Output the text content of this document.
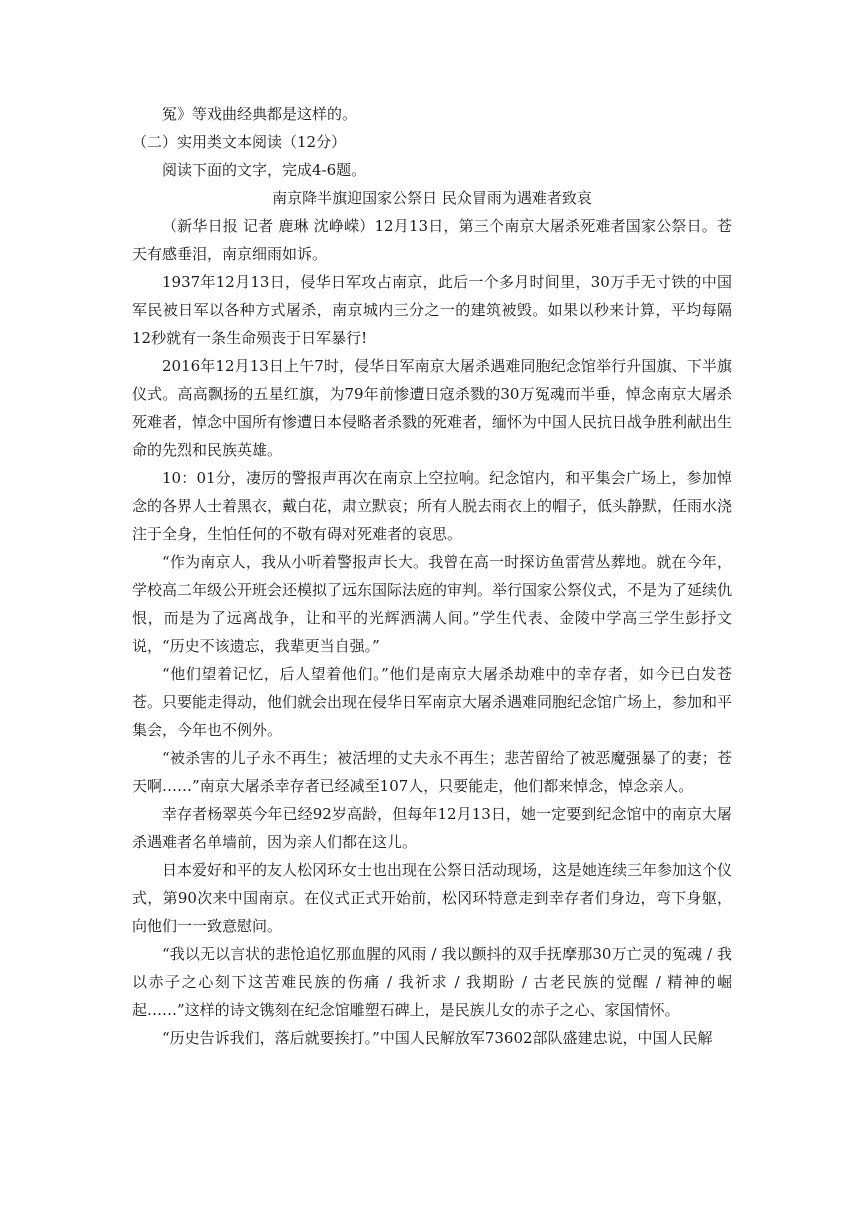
冤》等戏曲经典都是这样的。

（二）实用类文本阅读（12分）

阅读下面的文字，完成4-6题。

南京降半旗迎国家公祭日 民众冒雨为遇难者致哀

（新华日报 记者 鹿琳 沈峥嵘）12月13日，第三个南京大屠杀死难者国家公祭日。苍天有感垂泪，南京细雨如诉。

1937年12月13日，侵华日军攻占南京，此后一个多月时间里，30万手无寸铁的中国军民被日军以各种方式屠杀，南京城内三分之一的建筑被毁。如果以秒来计算，平均每隔12秒就有一条生命殒丧于日军暴行!

2016年12月13日上午7时，侵华日军南京大屠杀遇难同胞纪念馆举行升国旗、下半旗仪式。高高飘扬的五星红旗，为79年前惨遭日寇杀戮的30万冤魂而半垂，悼念南京大屠杀死难者，悼念中国所有惨遭日本侵略者杀戮的死难者，缅怀为中国人民抗日战争胜利献出生命的先烈和民族英雄。

10：01分，凄厉的警报声再次在南京上空拉响。纪念馆内，和平集会广场上，参加悼念的各界人士着黑衣，戴白花，肃立默哀；所有人脱去雨衣上的帽子，低头静默，任雨水浇注于全身，生怕任何的不敬有碍对死难者的哀思。

“作为南京人，我从小听着警报声长大。我曾在高一时探访鱼雷营丛葬地。就在今年，学校高二年级公开班会还模拟了远东国际法庭的审判。举行国家公祭仪式，不是为了延续仇恨，而是为了远离战争，让和平的光辉洒满人间。”学生代表、金陵中学高三学生彭抒文说，“历史不该遗忘，我辈更当自强。”

“他们望着记忆，后人望着他们。”他们是南京大屠杀劫难中的幸存者，如今已白发苍苍。只要能走得动，他们就会出现在侵华日军南京大屠杀遇难同胞纪念馆广场上，参加和平集会，今年也不例外。

“被杀害的儿子永不再生；被活埋的丈夫永不再生；悲苦留给了被恶魔强暴了的妻；苍天啊……”南京大屠杀幸存者已经减至107人，只要能走，他们都来悼念，悼念亲人。

幸存者杨翠英今年已经92岁高龄，但每年12月13日，她一定要到纪念馆中的南京大屠杀遇难者名单墙前，因为亲人们都在这儿。

日本爱好和平的友人松冈环女士也出现在公祭日活动现场，这是她连续三年参加这个仪式，第90次来中国南京。在仪式正式开始前，松冈环特意走到幸存者们身边，弯下身躯，向他们一一致意慰问。

“我以无以言状的悲怆追忆那血腥的风雨 / 我以颤抖的双手抚摩那30万亡灵的冤魂 / 我以赤子之心刻下这苦难民族的伤痛 / 我祈求 / 我期盼 / 古老民族的觉醒 / 精神的崛起……”这样的诗文镌刻在纪念馆雕塑石碑上，是民族儿女的赤子之心、家国情怀。

“历史告诉我们，落后就要挨打。”中国人民解放军73602部队盛建忠说，中国人民解
